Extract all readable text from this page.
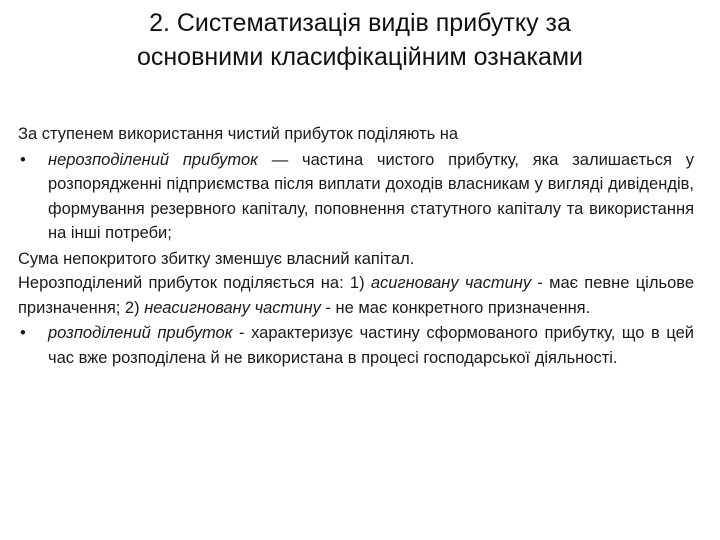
2. Систематизація видів прибутку за
основними класифікаційним ознаками

За ступенем використання чистий прибуток поділяють на

•	нерозподілений прибуток — частина чистого прибутку, яка залишається у розпорядженні підприємства після виплати доходів власникам у вигляді дивідендів, формування резервного капіталу, поповнення статутного капіталу та використання на інші потреби;

Сума непокритого збитку зменшує власний капітал.

Нерозподілений прибуток поділяється на: 1) асигновану частину - має певне цільове призначення; 2) неасигновану частину - не має конкретного призначення.

•	розподілений прибуток - характеризує частину сформованого прибутку, що в цей час вже розподілена й не використана в процесі господарської діяльності.
